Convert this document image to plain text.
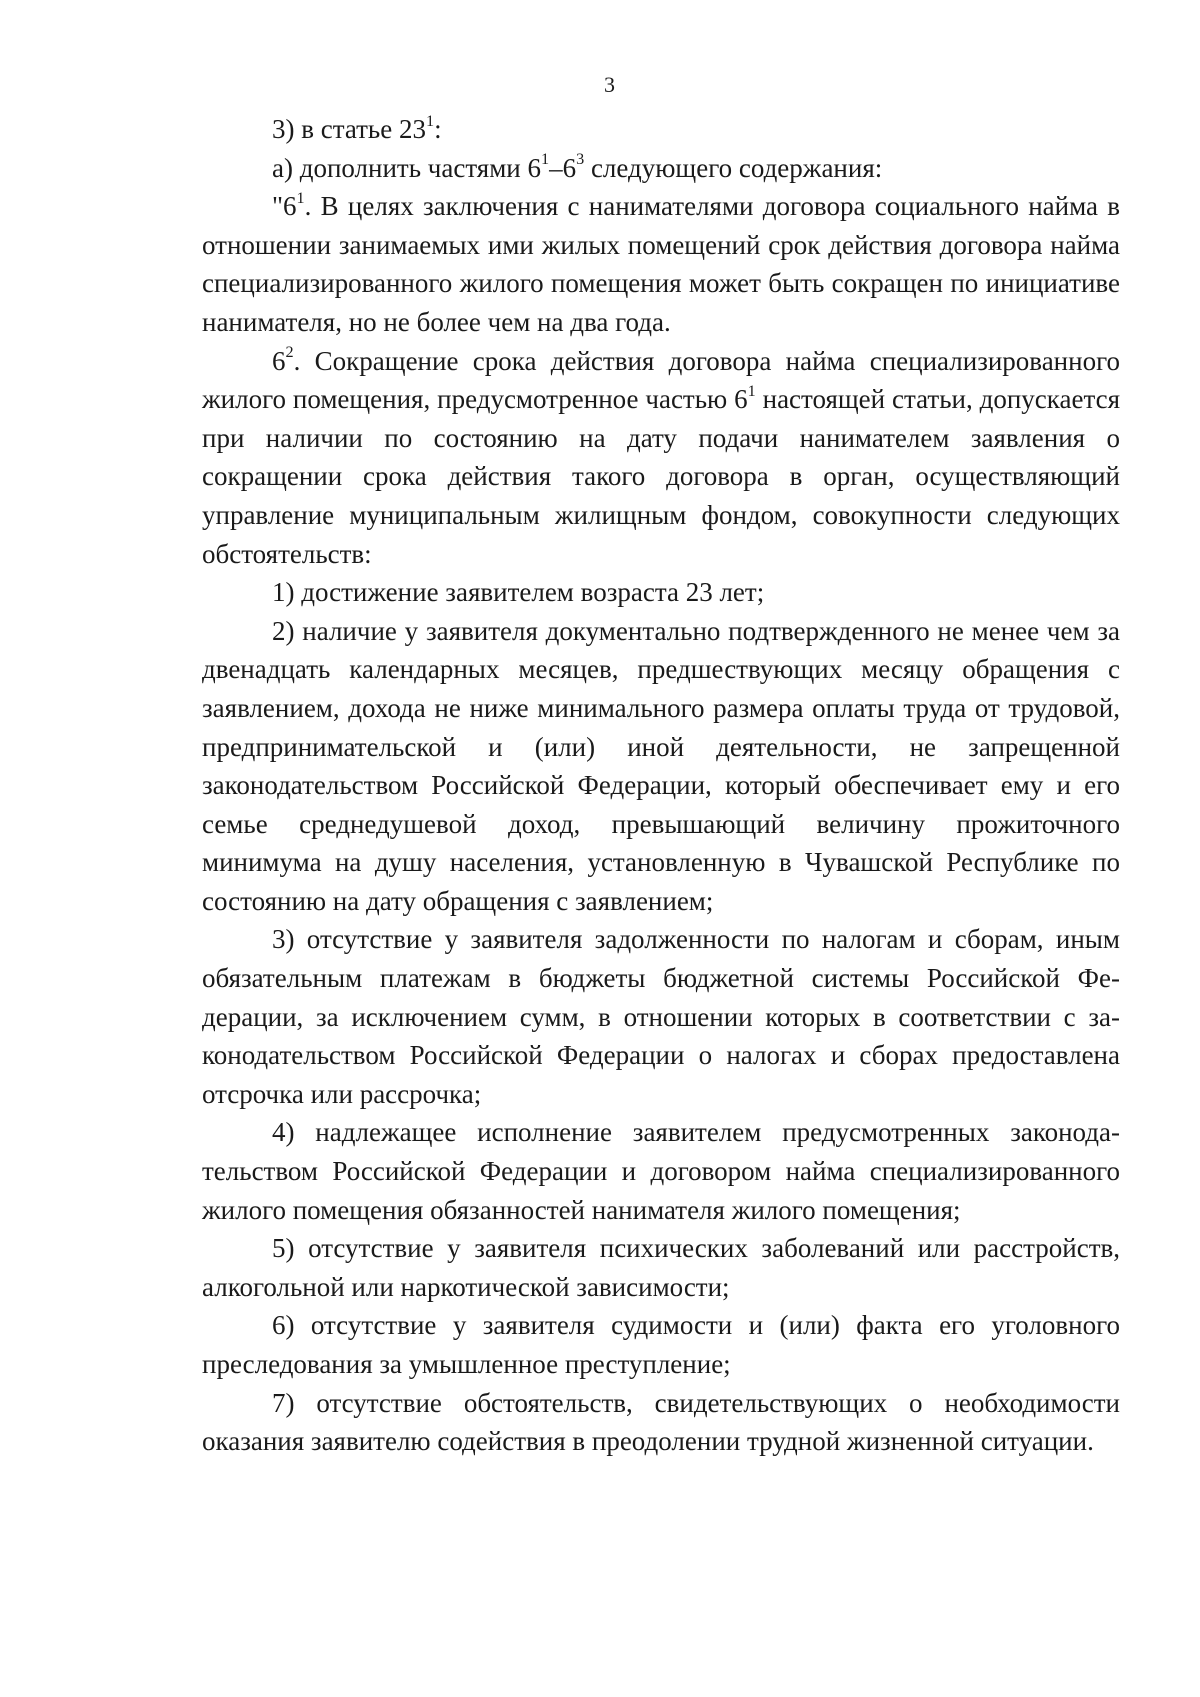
3

3) в статье $23^1$:

а) дополнить частями $6^1-6^3$ следующего содержания:

"$6^1$. В целях заключения с нанимателями договора социального найма в отношении занимаемых ими жилых помещений срок действия договора найма специализированного жилого помещения может быть сокращен по инициативе нанимателя, но не более чем на два года.

$6^2$. Сокращение срока действия договора найма специализированного жилого помещения, предусмотренное частью $6^1$ настоящей статьи, допускается при наличии по состоянию на дату подачи нанимателем заявления о сокращении срока действия такого договора в орган, осуществляющий управление муниципальным жилищным фондом, совокупности следующих обстоятельств:

1) достижение заявителем возраста 23 лет;

2) наличие у заявителя документально подтвержденного не менее чем за двенадцать календарных месяцев, предшествующих месяцу обращения с заявлением, дохода не ниже минимального размера оплаты труда от трудовой, предпринимательской и (или) иной деятельности, не запрещенной законодательством Российской Федерации, который обеспечивает ему и его семье среднедушевой доход, превышающий величину прожиточного минимума на душу населения, установленную в Чувашской Республике по состоянию на дату обращения с заявлением;

3) отсутствие у заявителя задолженности по налогам и сборам, иным обязательным платежам в бюджеты бюджетной системы Российской Федерации, за исключением сумм, в отношении которых в соответствии с законодательством Российской Федерации о налогах и сборах предоставлена отсрочка или рассрочка;

4) надлежащее исполнение заявителем предусмотренных законодательством Российской Федерации и договором найма специализированного жилого помещения обязанностей нанимателя жилого помещения;

5) отсутствие у заявителя психических заболеваний или расстройств, алкогольной или наркотической зависимости;

6) отсутствие у заявителя судимости и (или) факта его уголовного преследования за умышленное преступление;

7) отсутствие обстоятельств, свидетельствующих о необходимости оказания заявителю содействия в преодолении трудной жизненной ситуации.
